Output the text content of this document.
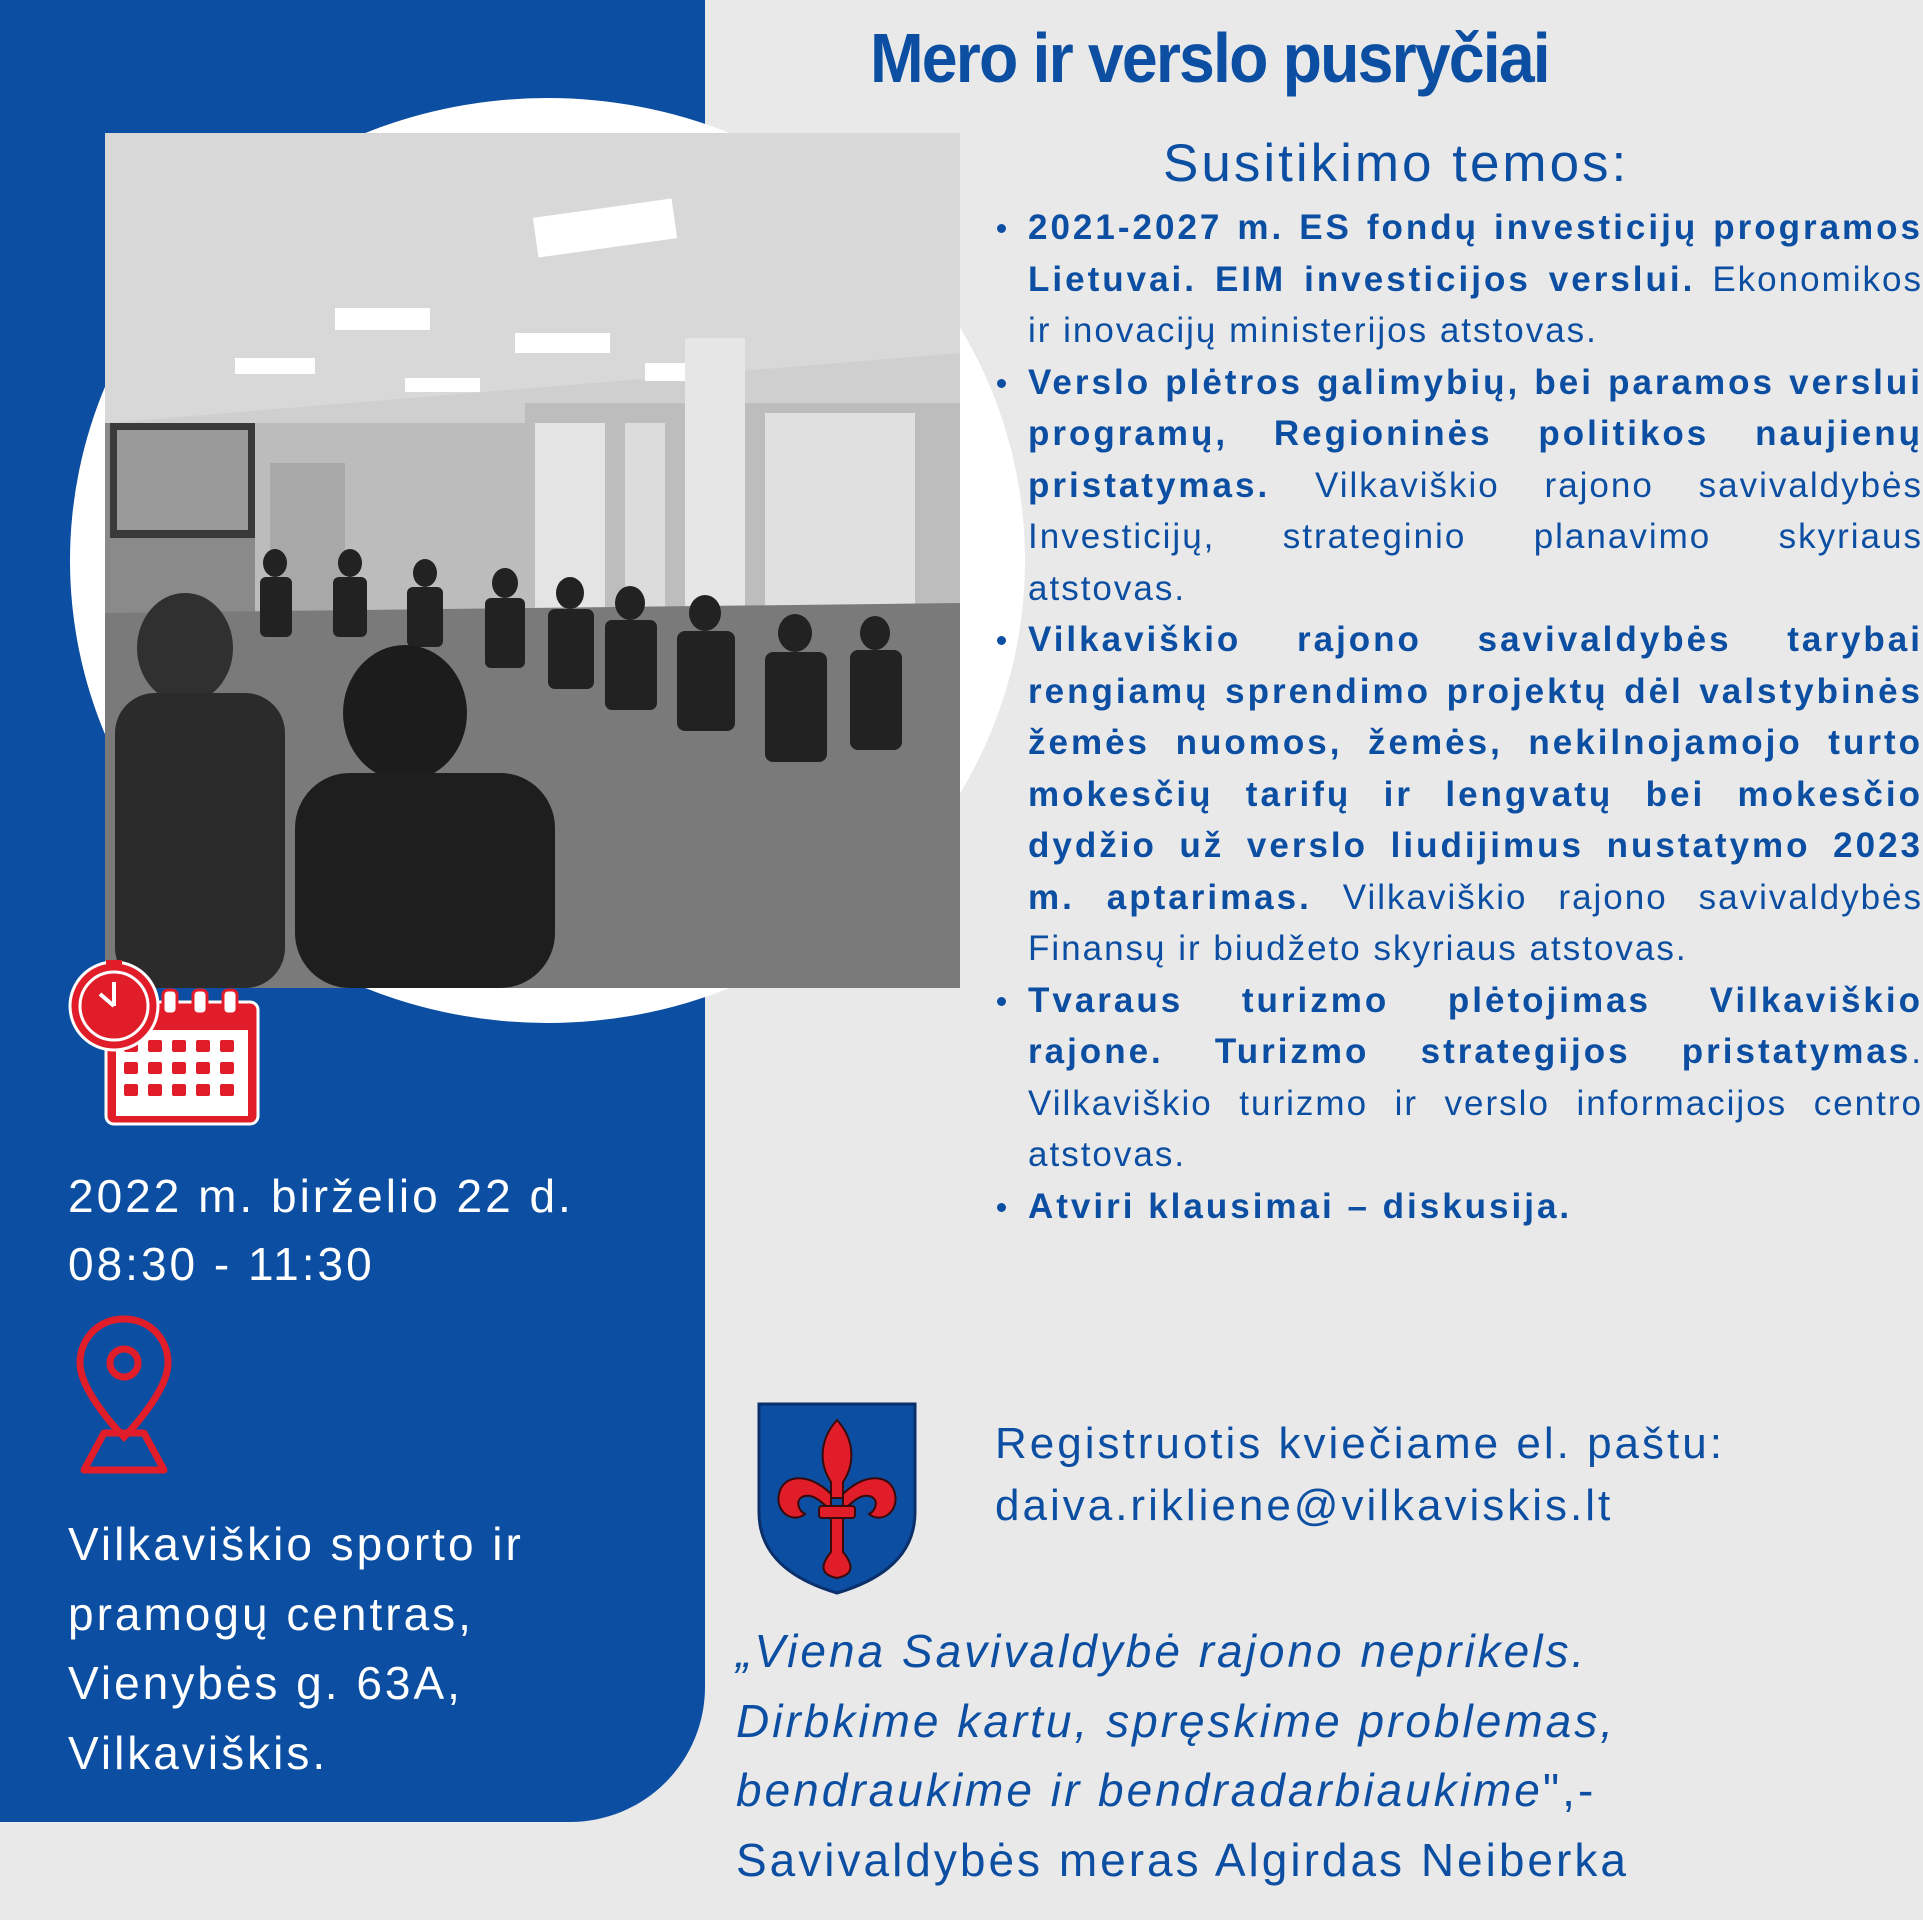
Mero ir verslo pusryčiai
Susitikimo temos:
2021-2027 m. ES fondų investicijų programos Lietuvai. EIM investicijos verslui. Ekonomikos ir inovacijų ministerijos atstovas.
Verslo plėtros galimybių, bei paramos verslui programų, Regioninės politikos naujienų pristatymas. Vilkaviškio rajono savivaldybės Investicijų, strateginio planavimo skyriaus atstovas.
Vilkaviškio rajono savivaldybės tarybai rengiamų sprendimo projektų dėl valstybinės žemės nuomos, žemės, nekilnojamojo turto mokesčių tarifų ir lengvatų bei mokesčio dydžio už verslo liudijimus nustatymo 2023 m. aptarimas. Vilkaviškio rajono savivaldybės Finansų ir biudžeto skyriaus atstovas.
Tvaraus turizmo plėtojimas Vilkaviškio rajone. Turizmo strategijos pristatymas. Vilkaviškio turizmo ir verslo informacijos centro atstovas.
Atviri klausimai – diskusija.
Registruotis kviečiame el. paštu:
daiva.rikliene@vilkaviskis.lt
„Viena Savivaldybė rajono neprikels.
Dirbkime kartu, spręskime problemas,
bendraukime ir bendradarbiaukime",-
Savivaldybės meras Algirdas Neiberka
2022 m. birželio 22 d.
08:30 - 11:30
Vilkaviškio sporto ir
pramogų centras,
Vienybės g. 63A,
Vilkaviškis.
